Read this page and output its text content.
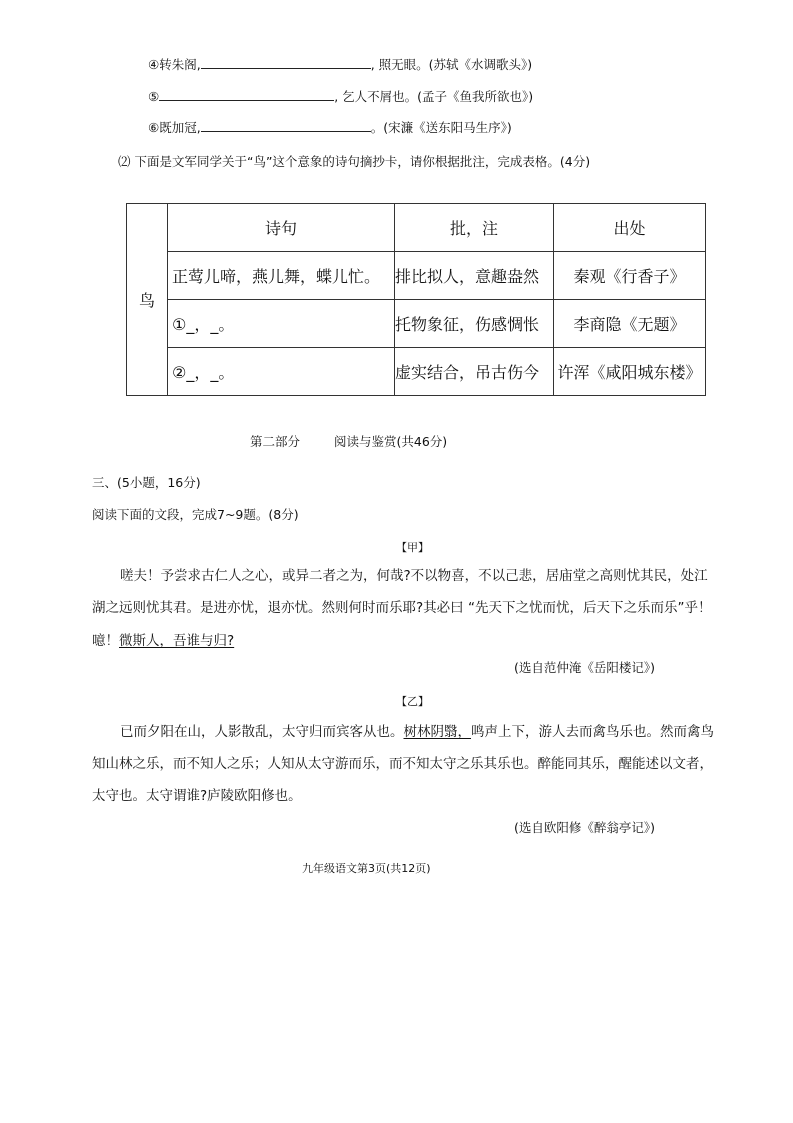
④转朱阁,	, 照无眼。(苏轼《水调歌头》)
⑤	, 乞人不屑也。(孟子《鱼我所欲也》)
⑥既加冠,	。(宋濂《送东阳马生序》)
⑵ 下面是文军同学关于“鸟”这个意象的诗句摘抄卡，请你根据批注，完成表格。(4分)
鸟	诗句	批，注	出处
	正莺儿啼，燕儿舞，蝶儿忙。	排比拟人，意趣盎然	秦观《行香子》
	①_，_。	托物象征，伤感惆怅	李商隐《无题》
	②_，_。	虚实结合，吊古伤今	许浑《咸阳城东楼》
第二部分	阅读与鉴赏(共46分)
三、(5小题，16分)
阅读下面的文段，完成7~9题。(8分)
【甲】
嗟夫！予尝求古仁人之心，或异二者之为，何哉?不以物喜，不以己悲，居庙堂之高则忧其民，处江
湖之远则忧其君。是进亦忧，退亦忧。然则何时而乐耶?其必曰 “先天下之忧而忧，后天下之乐而乐”乎！
噫！微斯人，吾谁与归?
(选自范仲淹《岳阳楼记》)
【乙】
已而夕阳在山，人影散乱，太守归而宾客从也。树林阴翳，鸣声上下，游人去而禽鸟乐也。然而禽鸟
知山林之乐，而不知人之乐；人知从太守游而乐，而不知太守之乐其乐也。醉能同其乐，醒能述以文者，
太守也。太守谓谁?庐陵欧阳修也。
(选自欧阳修《醉翁亭记》)
九年级语文第3页(共12页)
